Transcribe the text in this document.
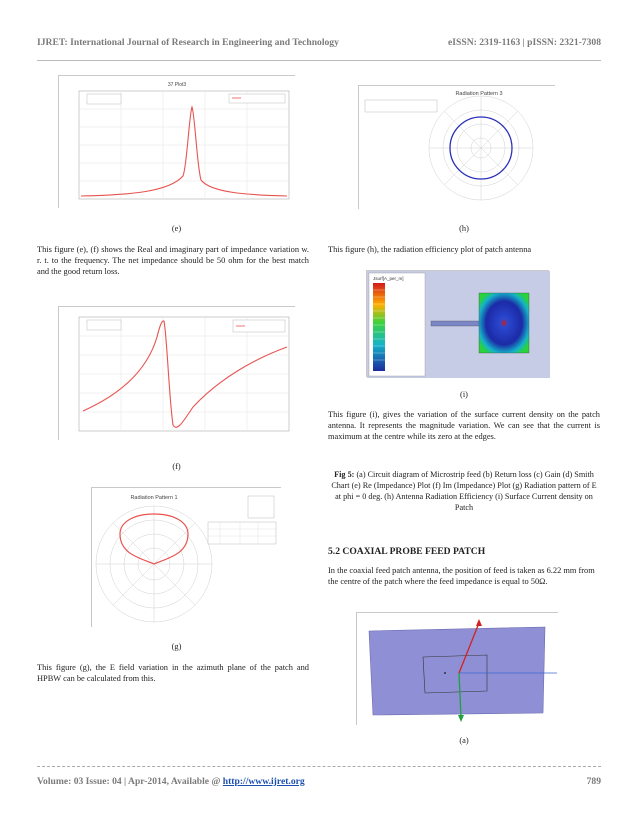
IJRET: International Journal of Research in Engineering and Technology	eISSN: 2319-1163 | pISSN: 2321-7308
37 Plot3
(e)
This figure (e), (f) shows the Real and imaginary part of impedance variation w. r. t. to the frequency. The net impedance should be 50 ohm for the best match and the good return loss.
(f)
Radiation Pattern 1
(g)
This figure (g), the E field variation in the azimuth plane of the patch and HPBW can be calculated from this.
Radiation Pattern 3
(h)
This figure (h), the radiation efficiency plot of patch antenna
Jsurf[A_per_m]
(i)
This figure (i), gives the variation of the surface current density on the patch antenna. It represents the magnitude variation. We can see that the current is maximum at the centre while its zero at the edges.
Fig 5: (a) Circuit diagram of Microstrip feed (b) Return loss (c) Gain (d) Smith Chart (e) Re (Impedance) Plot (f) Im (Impedance) Plot (g) Radiation pattern of E at phi = 0 deg. (h) Antenna Radiation Efficiency (i) Surface Current density on Patch
5.2 COAXIAL PROBE FEED PATCH
In the coaxial feed patch antenna, the position of feed is taken as 6.22 mm from the centre of the patch where the feed impedance is equal to 50Ω.
(a)
Volume: 03 Issue: 04 | Apr-2014, Available @ http://www.ijret.org	789
